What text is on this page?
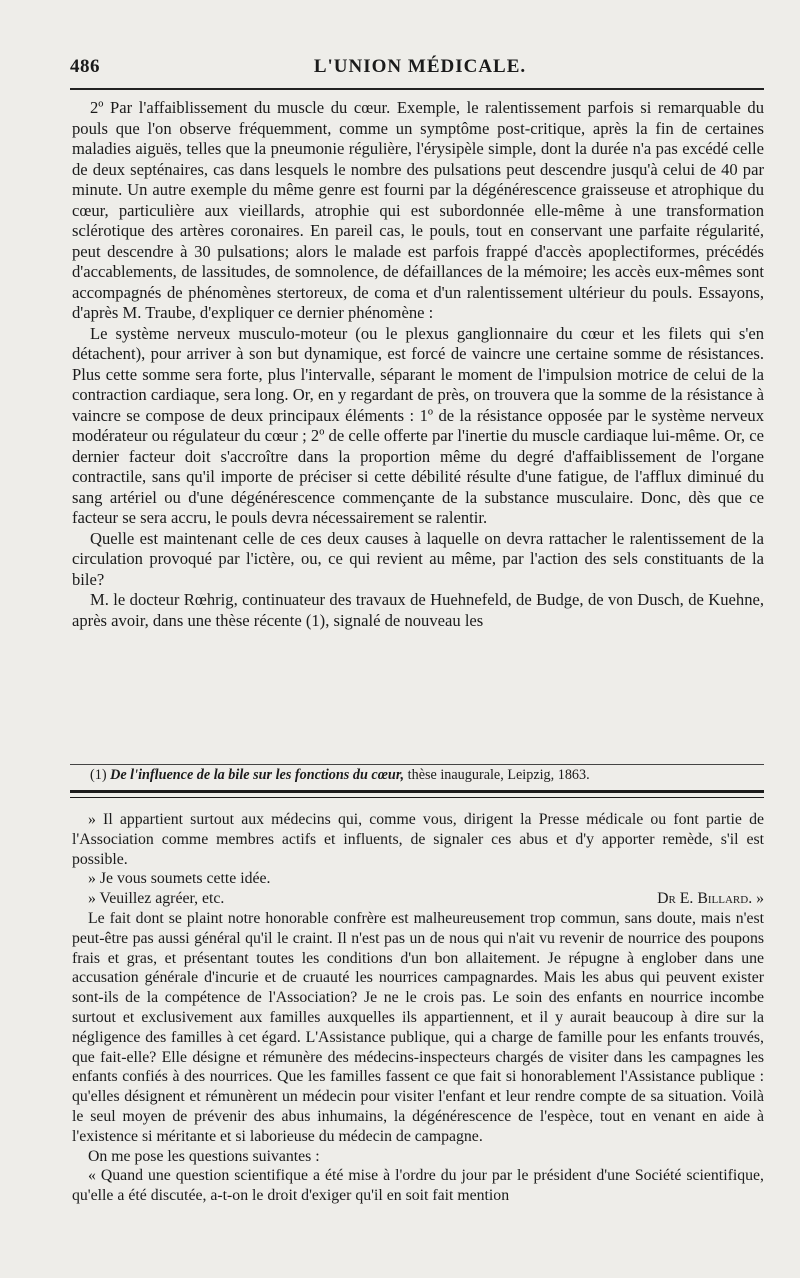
486	L'UNION MÉDICALE.

2º Par l'affaiblissement du muscle du cœur. Exemple, le ralentissement parfois si remarquable du pouls que l'on observe fréquemment, comme un symptôme post-critique, après la fin de certaines maladies aiguës, telles que la pneumonie régulière, l'érysipèle simple, dont la durée n'a pas excédé celle de deux septénaires, cas dans lesquels le nombre des pulsations peut descendre jusqu'à celui de 40 par minute. Un autre exemple du même genre est fourni par la dégénérescence graisseuse et atrophique du cœur, particulière aux vieillards, atrophie qui est subordonnée elle-même à une transformation sclérotique des artères coronaires. En pareil cas, le pouls, tout en conservant une parfaite régularité, peut descendre à 30 pulsations; alors le malade est parfois frappé d'accès apoplectiformes, précédés d'accablements, de lassitudes, de somnolence, de défaillances de la mémoire; les accès eux-mêmes sont accompagnés de phénomènes stertoreux, de coma et d'un ralentissement ultérieur du pouls. Essayons, d'après M. Traube, d'expliquer ce dernier phénomène :

Le système nerveux musculo-moteur (ou le plexus ganglionnaire du cœur et les filets qui s'en détachent), pour arriver à son but dynamique, est forcé de vaincre une certaine somme de résistances. Plus cette somme sera forte, plus l'intervalle, séparant le moment de l'impulsion motrice de celui de la contraction cardiaque, sera long. Or, en y regardant de près, on trouvera que la somme de la résistance à vaincre se compose de deux principaux éléments : 1º de la résistance opposée par le système nerveux modérateur ou régulateur du cœur ; 2º de celle offerte par l'inertie du muscle cardiaque lui-même. Or, ce dernier facteur doit s'accroître dans la proportion même du degré d'affaiblissement de l'organe contractile, sans qu'il importe de préciser si cette débilité résulte d'une fatigue, de l'afflux diminué du sang artériel ou d'une dégénérescence commençante de la substance musculaire. Donc, dès que ce facteur se sera accru, le pouls devra nécessairement se ralentir.

Quelle est maintenant celle de ces deux causes à laquelle on devra rattacher le ralentissement de la circulation provoqué par l'ictère, ou, ce qui revient au même, par l'action des sels constituants de la bile?

M. le docteur Rœhrig, continuateur des travaux de Huehnefeld, de Budge, de von Dusch, de Kuehne, après avoir, dans une thèse récente (1), signalé de nouveau les

(1) De l'influence de la bile sur les fonctions du cœur, thèse inaugurale, Leipzig, 1863.

» Il appartient surtout aux médecins qui, comme vous, dirigent la Presse médicale ou font partie de l'Association comme membres actifs et influents, de signaler ces abus et d'y apporter remède, s'il est possible.

» Je vous soumets cette idée.

» Veuillez agréer, etc.	Dr E. Billard. »

Le fait dont se plaint notre honorable confrère est malheureusement trop commun, sans doute, mais n'est peut-être pas aussi général qu'il le craint. Il n'est pas un de nous qui n'ait vu revenir de nourrice des poupons frais et gras, et présentant toutes les conditions d'un bon allaitement. Je répugne à englober dans une accusation générale d'incurie et de cruauté les nourrices campagnardes. Mais les abus qui peuvent exister sont-ils de la compétence de l'Association? Je ne le crois pas. Le soin des enfants en nourrice incombe surtout et exclusivement aux familles auxquelles ils appartiennent, et il y aurait beaucoup à dire sur la négligence des familles à cet égard. L'Assistance publique, qui a charge de famille pour les enfants trouvés, que fait-elle? Elle désigne et rémunère des médecins-inspecteurs chargés de visiter dans les campagnes les enfants confiés à des nourrices. Que les familles fassent ce que fait si honorablement l'Assistance publique : qu'elles désignent et rémunèrent un médecin pour visiter l'enfant et leur rendre compte de sa situation. Voilà le seul moyen de prévenir des abus inhumains, la dégénérescence de l'espèce, tout en venant en aide à l'existence si méritante et si laborieuse du médecin de campagne.

On me pose les questions suivantes :

« Quand une question scientifique a été mise à l'ordre du jour par le président d'une Société scientifique, qu'elle a été discutée, a-t-on le droit d'exiger qu'il en soit fait mention
